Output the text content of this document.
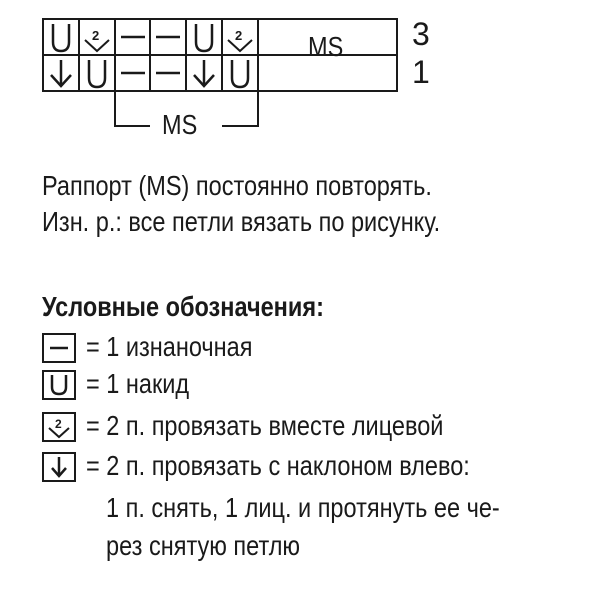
2	2 MS
MS
3
1
Раппорт (MS) постоянно повторять.
Изн. р.: все петли вязать по рисунку.
Условные обозначения:
= 1 изнаночная
= 1 накид
2 = 2 п. провязать вместе лицевой
= 2 п. провязать с наклоном влево:
1 п. снять, 1 лиц. и протянуть ее че-
рез снятую петлю
